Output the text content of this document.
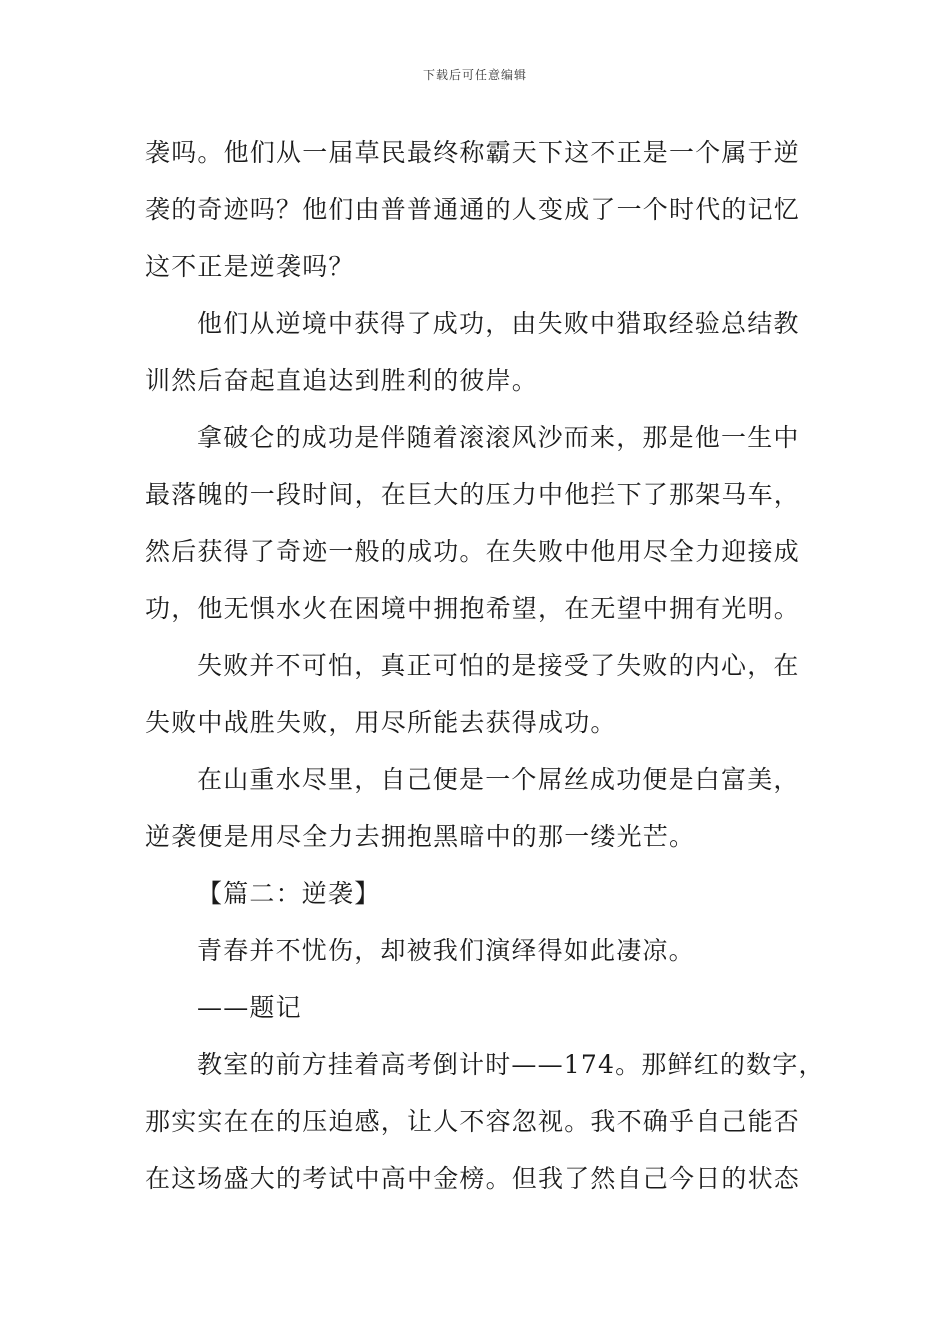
下载后可任意编辑
袭吗。他们从一届草民最终称霸天下这不正是一个属于逆
袭的奇迹吗？他们由普普通通的人变成了一个时代的记忆
这不正是逆袭吗？
他们从逆境中获得了成功，由失败中猎取经验总结教
训然后奋起直追达到胜利的彼岸。
拿破仑的成功是伴随着滚滚风沙而来，那是他一生中
最落魄的一段时间，在巨大的压力中他拦下了那架马车，
然后获得了奇迹一般的成功。在失败中他用尽全力迎接成
功，他无惧水火在困境中拥抱希望，在无望中拥有光明。
失败并不可怕，真正可怕的是接受了失败的内心，在
失败中战胜失败，用尽所能去获得成功。
在山重水尽里，自己便是一个屌丝成功便是白富美，
逆袭便是用尽全力去拥抱黑暗中的那一缕光芒。
【篇二：逆袭】
青春并不忧伤，却被我们演绎得如此凄凉。
——题记
教室的前方挂着高考倒计时——174。那鲜红的数字，
那实实在在的压迫感，让人不容忽视。我不确乎自己能否
在这场盛大的考试中高中金榜。但我了然自己今日的状态
